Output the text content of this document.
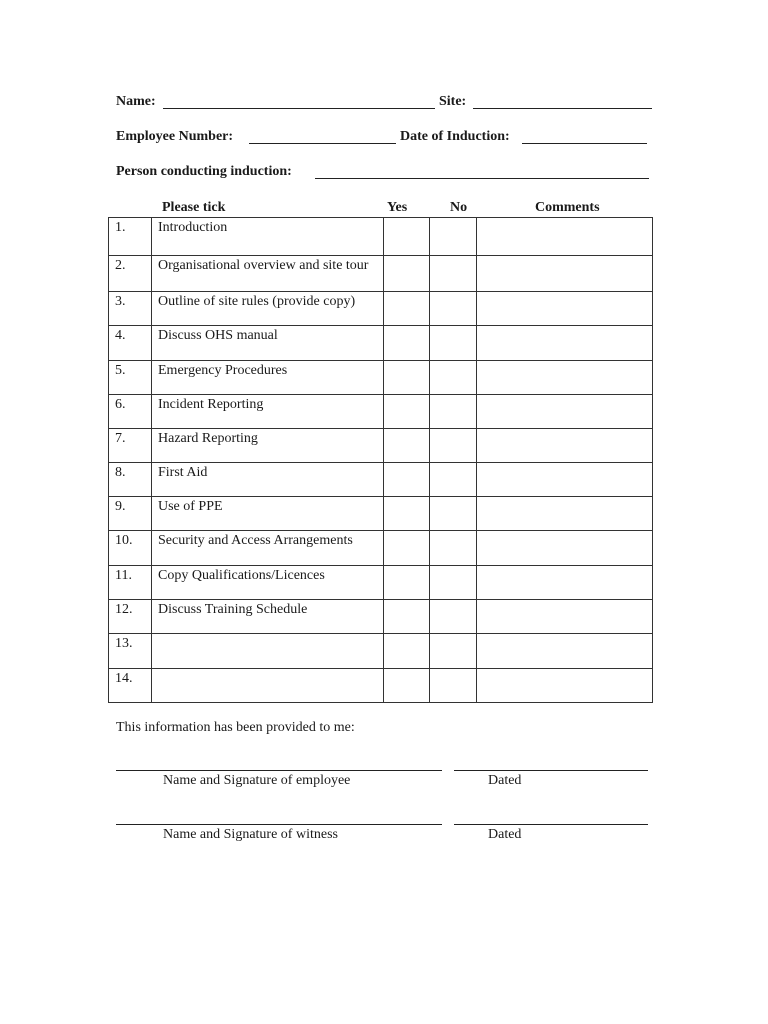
Name:	Site:
Employee Number:	Date of Induction:
Person conducting induction:
Please tick	Yes	No	Comments
1.	Introduction			
2.	Organisational overview and site tour			
3.	Outline of site rules (provide copy)			
4.	Discuss OHS manual			
5.	Emergency Procedures			
6.	Incident Reporting			
7.	Hazard Reporting			
8.	First Aid			
9.	Use of PPE			
10.	Security and Access Arrangements			
11.	Copy Qualifications/Licences			
12.	Discuss Training Schedule			
13.				
14.				
This information has been provided to me:
Name and Signature of employee	Dated
Name and Signature of witness	Dated
